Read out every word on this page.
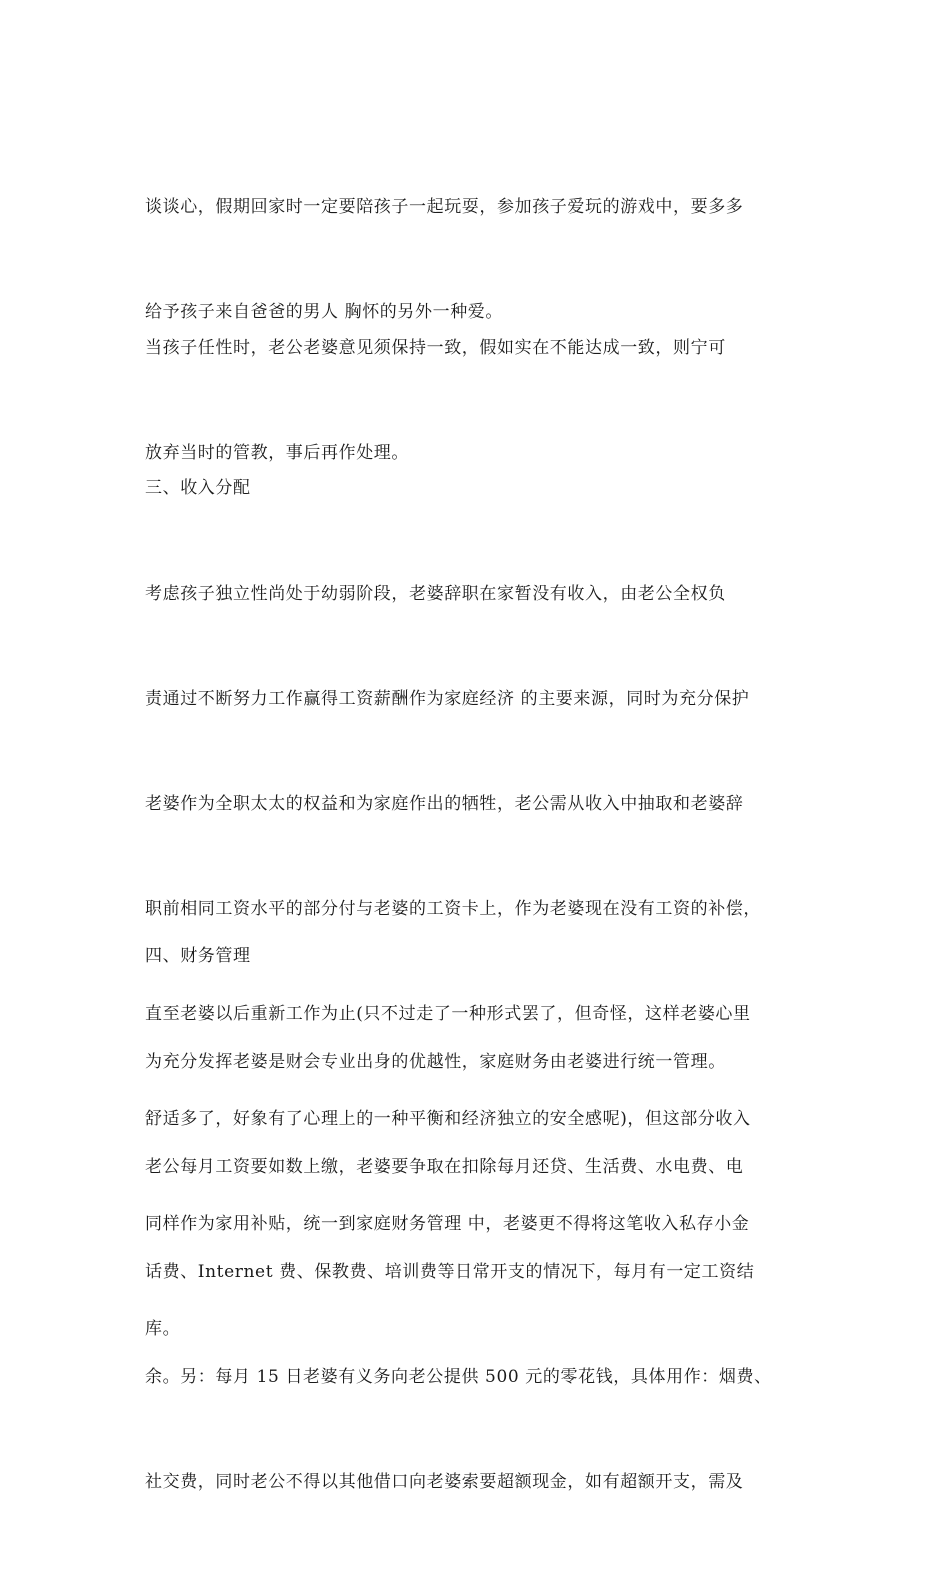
谈谈心，假期回家时一定要陪孩子一起玩耍，参加孩子爱玩的游戏中，要多多

给予孩子来自爸爸的男人 胸怀的另外一种爱。

当孩子任性时，老公老婆意见须保持一致，假如实在不能达成一致，则宁可

放弃当时的管教，事后再作处理。

三、收入分配

考虑孩子独立性尚处于幼弱阶段，老婆辞职在家暂没有收入，由老公全权负

责通过不断努力工作赢得工资薪酬作为家庭经济 的主要来源，同时为充分保护

老婆作为全职太太的权益和为家庭作出的牺牲，老公需从收入中抽取和老婆辞

职前相同工资水平的部分付与老婆的工资卡上，作为老婆现在没有工资的补偿，

直至老婆以后重新工作为止(只不过走了一种形式罢了，但奇怪，这样老婆心里

舒适多了，好象有了心理上的一种平衡和经济独立的安全感呢)，但这部分收入

同样作为家用补贴，统一到家庭财务管理 中，老婆更不得将这笔收入私存小金

库。

四、财务管理

为充分发挥老婆是财会专业出身的优越性，家庭财务由老婆进行统一管理。

老公每月工资要如数上缴，老婆要争取在扣除每月还贷、生活费、水电费、电

话费、Internet 费、保教费、培训费等日常开支的情况下，每月有一定工资结

余。另：每月 15 日老婆有义务向老公提供 500 元的零花钱，具体用作：烟费、

社交费，同时老公不得以其他借口向老婆索要超额现金，如有超额开支，需及
